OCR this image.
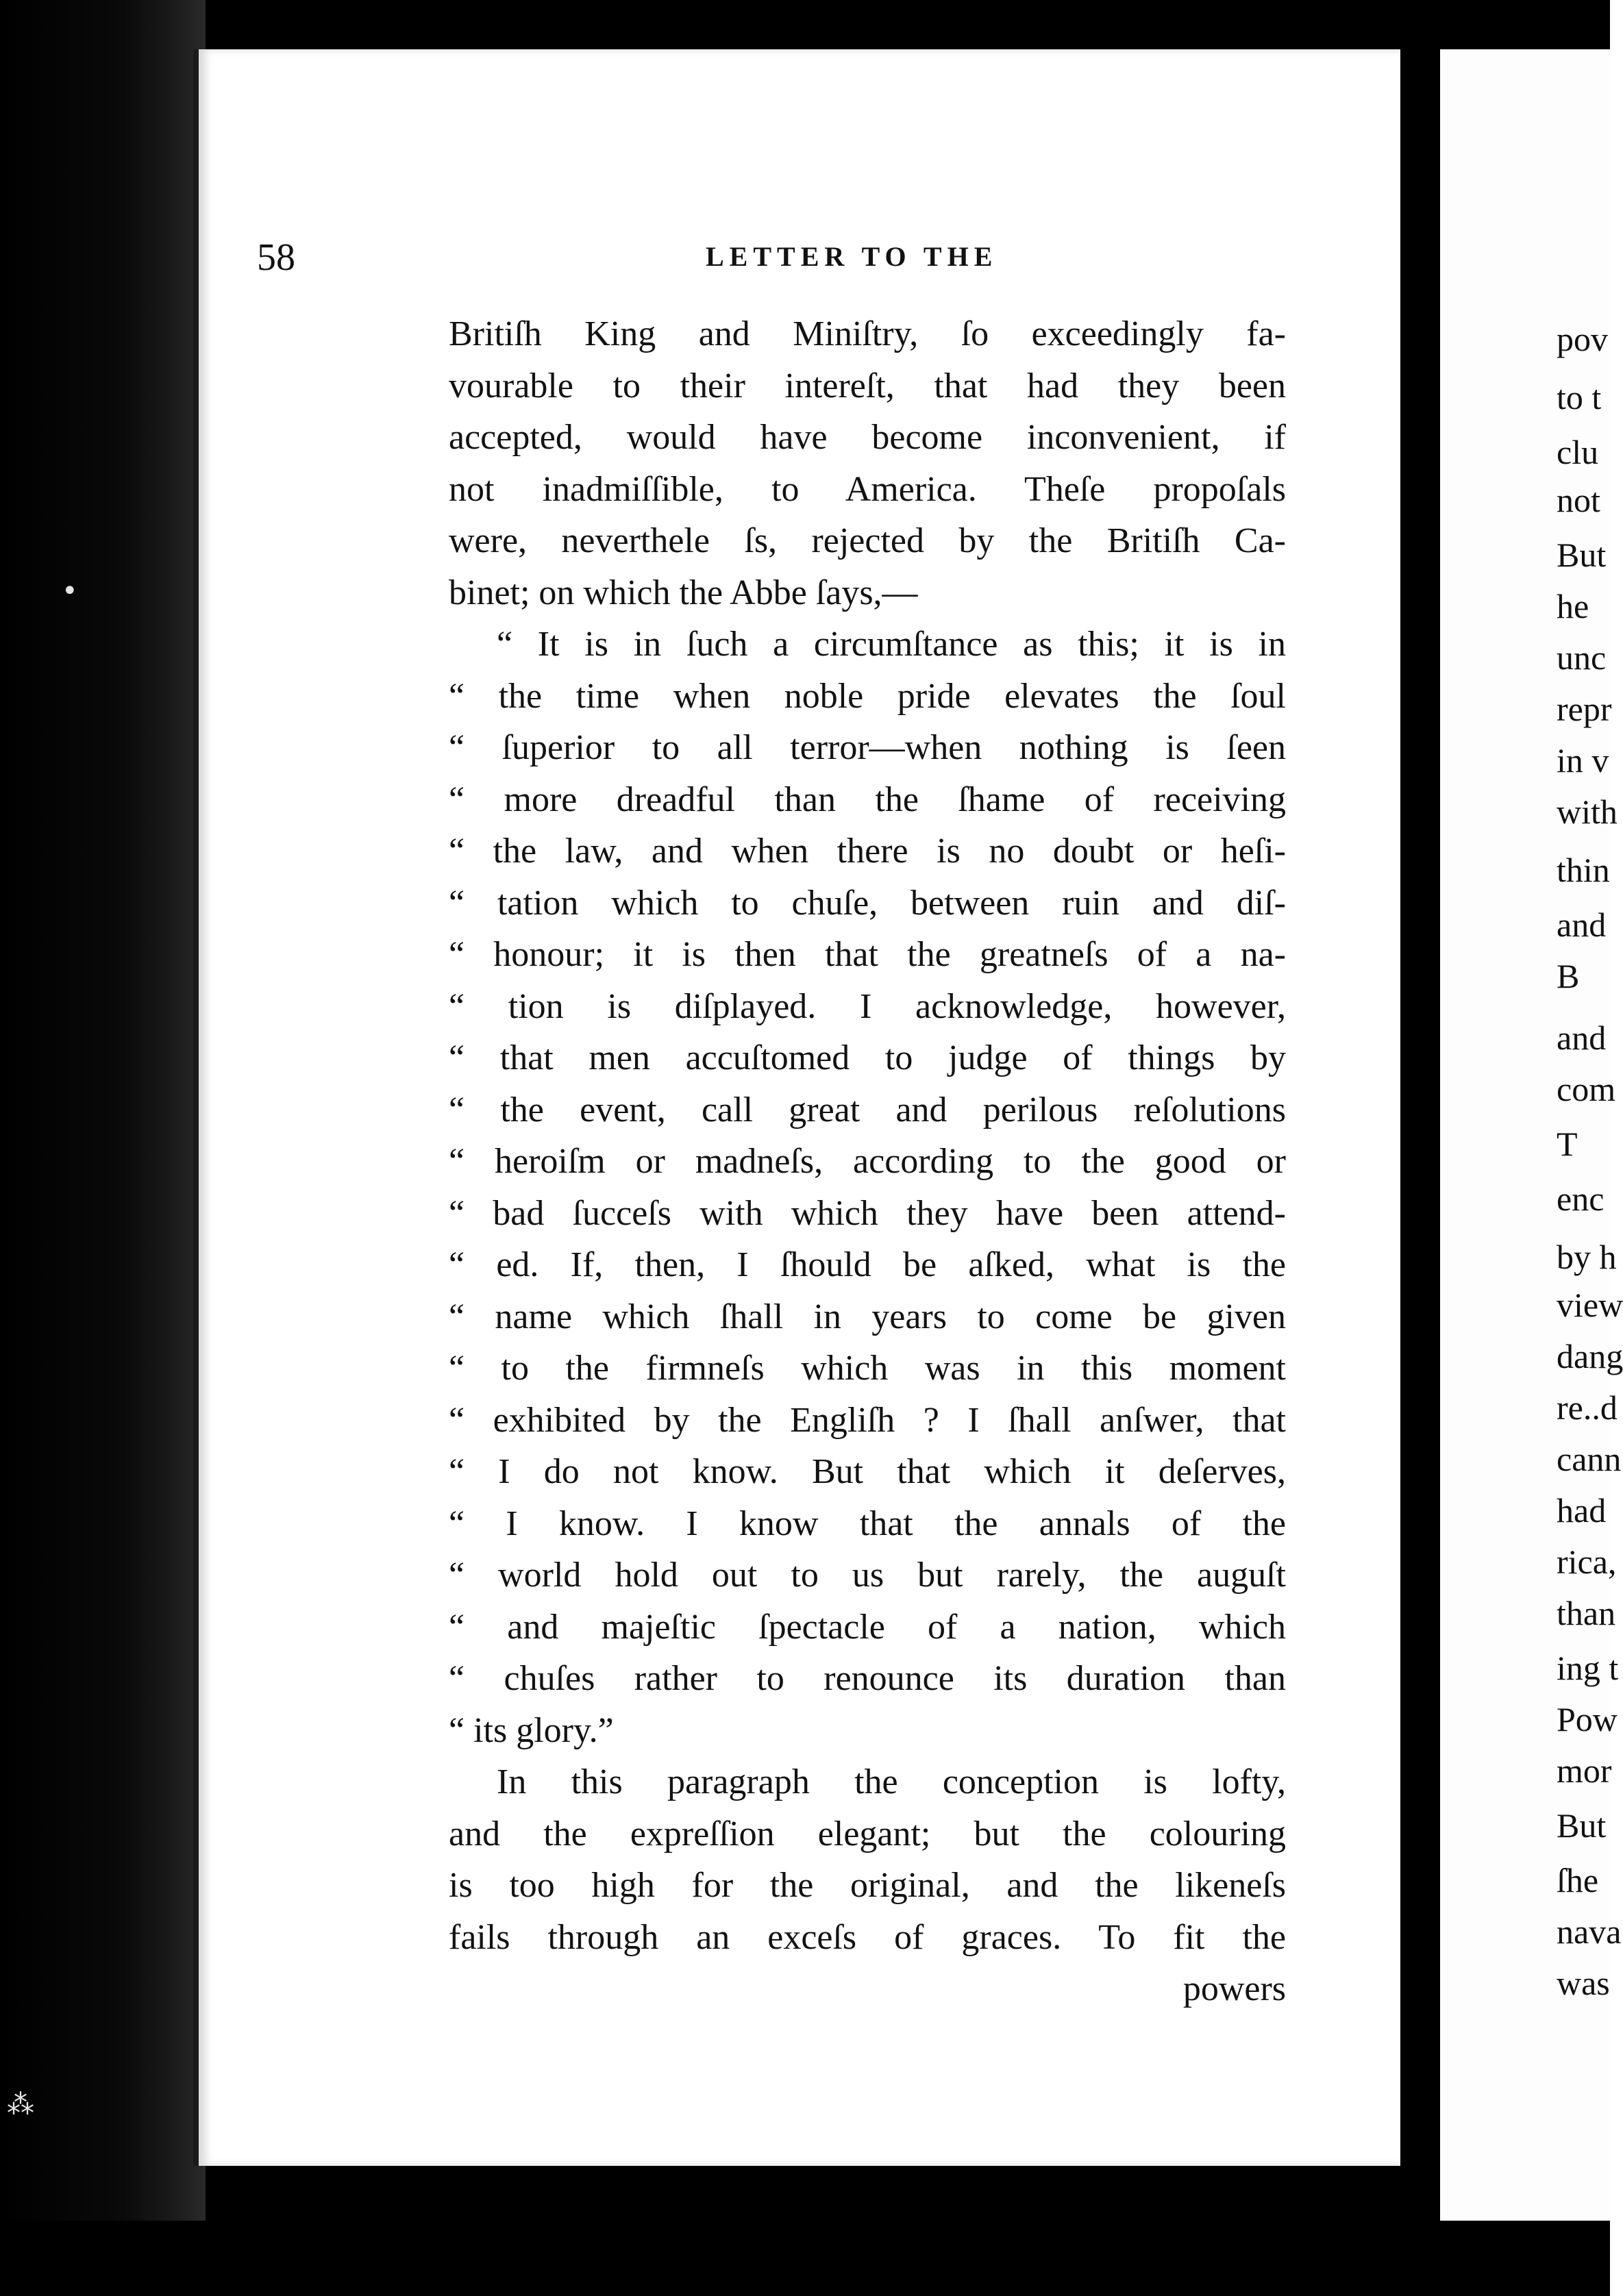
•
⁂
58	LETTER TO THE
Britiſh King and Miniſtry, ſo exceedingly fa-
vourable to their intereſt, that had they been
accepted, would have become inconvenient, if
not inadmiſſible, to America. Theſe propoſals
were, neverthele ſs, rejected by the Britiſh Ca-
binet; on which the Abbe ſays,—
“ It is in ſuch a circumſtance as this; it is in
“ the time when noble pride elevates the ſoul
“ ſuperior to all terror—when nothing is ſeen
“ more dreadful than the ſhame of receiving
“ the law, and when there is no doubt or heſi-
“ tation which to chuſe, between ruin and diſ-
“ honour; it is then that the greatneſs of a na-
“ tion is diſplayed. I acknowledge, however,
“ that men accuſtomed to judge of things by
“ the event, call great and perilous reſolutions
“ heroiſm or madneſs, according to the good or
“ bad ſucceſs with which they have been attend-
“ ed. If, then, I ſhould be aſked, what is the
“ name which ſhall in years to come be given
“ to the firmneſs which was in this moment
“ exhibited by the Engliſh ? I ſhall anſwer, that
“ I do not know. But that which it deſerves,
“ I know. I know that the annals of the
“ world hold out to us but rarely, the auguſt
“ and majeſtic ſpectacle of a nation, which
“ chuſes rather to renounce its duration than
“ its glory.”
In this paragraph the conception is lofty,
and the expreſſion elegant; but the colouring
is too high for the original, and the likeneſs
fails through an exceſs of graces. To fit the
powers
pov
to t
clu
not
But
he
unc
repr
in v
with
thin
and
B
and
com
T
enc
by h
view
dang
re..d
cann
had
rica,
than
ing t
Pow
mor
But
ſhe
nava
was
